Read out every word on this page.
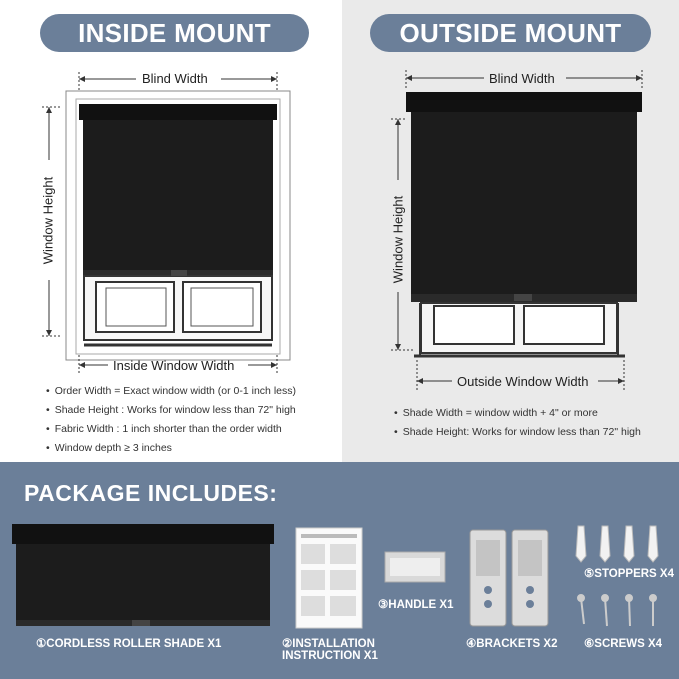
INSIDE MOUNT
Blind Width
Window Height
Inside Window Width
• Order Width = Exact window width (or 0-1 inch less)
• Shade Height : Works for window less than 72" high
• Fabric Width : 1 inch shorter than the order width
• Window depth ≥ 3 inches
OUTSIDE MOUNT
Blind Width
Window Height
Outside Window Width
• Shade Width = window width + 4" or more
• Shade Height: Works for window less than 72" high
PACKAGE INCLUDES:
①CORDLESS ROLLER SHADE X1	②INSTALLATION
INSTRUCTION X1
③HANDLE X1
④BRACKETS X2
⑤STOPPERS X4
⑥SCREWS X4
